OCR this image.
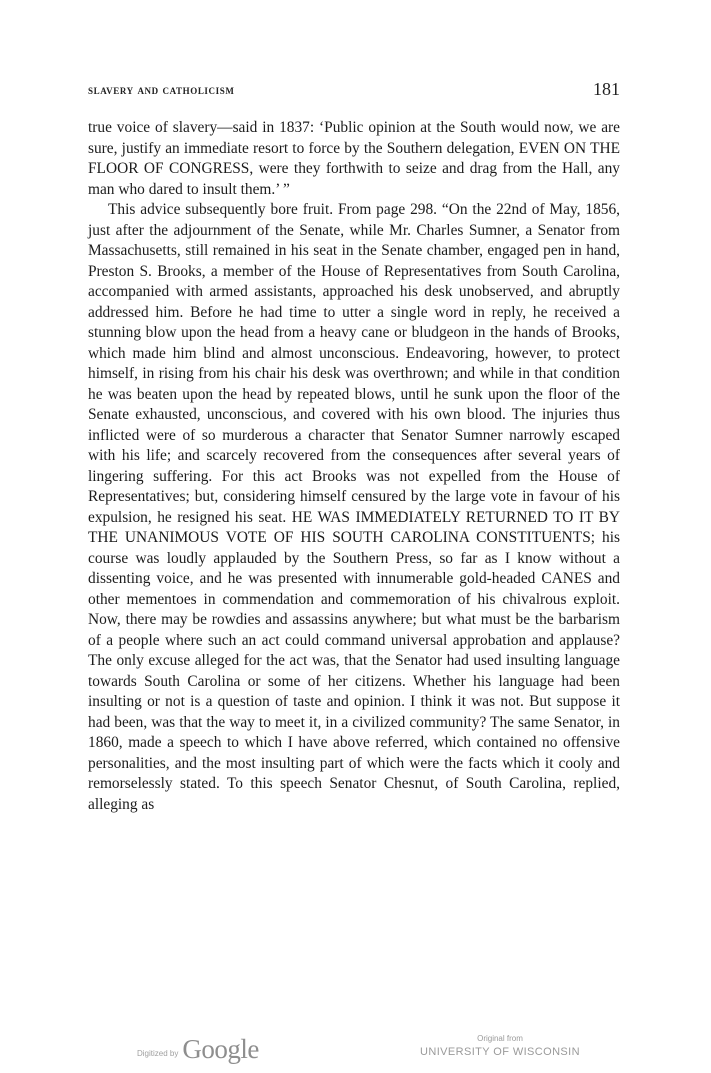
slavery and catholicism	181

true voice of slavery—said in 1837: ‘Public opinion at the South would now, we are sure, justify an immediate resort to force by the Southern delegation, EVEN ON THE FLOOR OF CONGRESS, were they forthwith to seize and drag from the Hall, any man who dared to insult them.’ ”

This advice subsequently bore fruit. From page 298. “On the 22nd of May, 1856, just after the adjournment of the Senate, while Mr. Charles Sumner, a Senator from Massachusetts, still remained in his seat in the Senate chamber, engaged pen in hand, Preston S. Brooks, a member of the House of Representatives from South Carolina, accompanied with armed assistants, approached his desk unobserved, and abruptly addressed him. Before he had time to utter a single word in reply, he received a stunning blow upon the head from a heavy cane or bludgeon in the hands of Brooks, which made him blind and almost unconscious. Endeavoring, however, to protect himself, in rising from his chair his desk was overthrown; and while in that condition he was beaten upon the head by repeated blows, until he sunk upon the floor of the Senate exhausted, unconscious, and covered with his own blood. The injuries thus inflicted were of so murderous a character that Senator Sumner narrowly escaped with his life; and scarcely recovered from the consequences after several years of lingering suffering. For this act Brooks was not expelled from the House of Representatives; but, considering himself censured by the large vote in favour of his expulsion, he resigned his seat. HE WAS IMMEDIATELY RETURNED TO IT BY THE UNANIMOUS VOTE OF HIS SOUTH CAROLINA CONSTITUENTS; his course was loudly applauded by the Southern Press, so far as I know without a dissenting voice, and he was presented with innumerable gold-headed CANES and other mementoes in commendation and commemoration of his chivalrous exploit. Now, there may be rowdies and assassins anywhere; but what must be the barbarism of a people where such an act could command universal approbation and applause? The only excuse alleged for the act was, that the Senator had used insulting language towards South Carolina or some of her citizens. Whether his language had been insulting or not is a question of taste and opinion. I think it was not. But suppose it had been, was that the way to meet it, in a civilized community? The same Senator, in 1860, made a speech to which I have above referred, which contained no offensive personalities, and the most insulting part of which were the facts which it cooly and remorselessly stated. To this speech Senator Chesnut, of South Carolina, replied, alleging as

Digitized by Google	Original from
UNIVERSITY OF WISCONSIN
